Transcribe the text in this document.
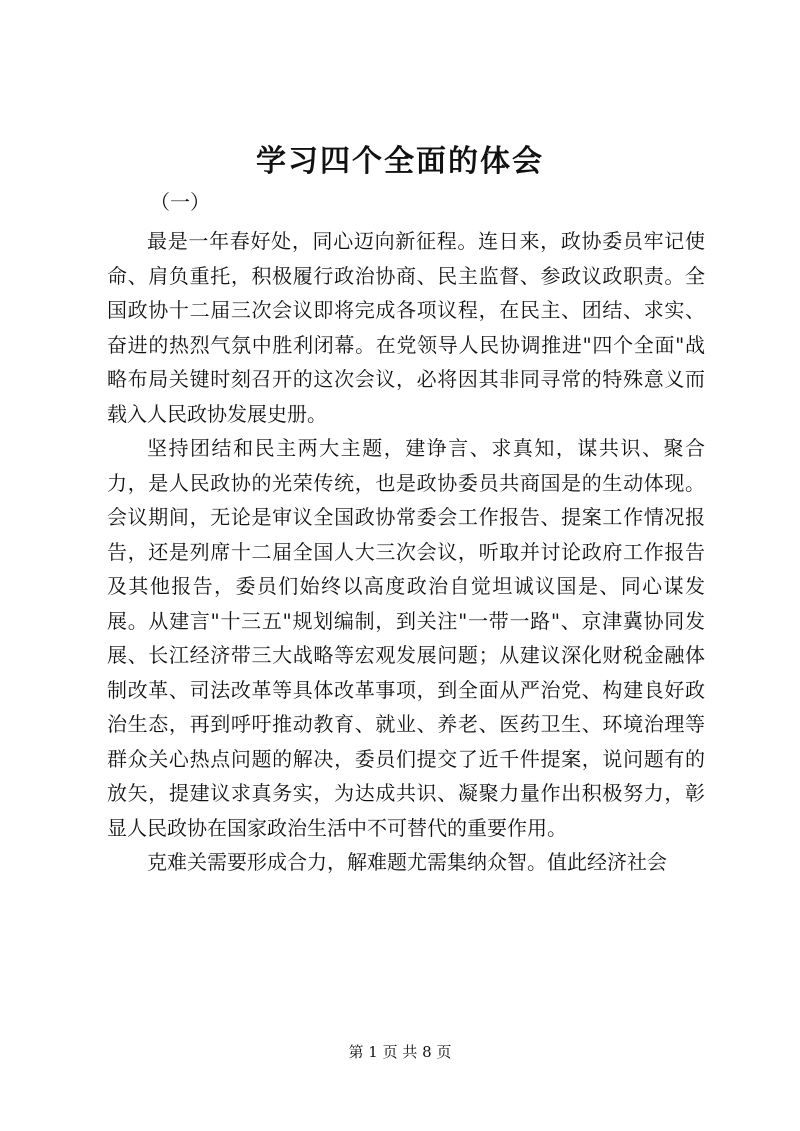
学习四个全面的体会
（一）

最是一年春好处，同心迈向新征程。连日来，政协委员牢记使命、肩负重托，积极履行政治协商、民主监督、参政议政职责。全国政协十二届三次会议即将完成各项议程，在民主、团结、求实、奋进的热烈气氛中胜利闭幕。在党领导人民协调推进"四个全面"战略布局关键时刻召开的这次会议，必将因其非同寻常的特殊意义而载入人民政协发展史册。

坚持团结和民主两大主题，建诤言、求真知，谋共识、聚合力，是人民政协的光荣传统，也是政协委员共商国是的生动体现。会议期间，无论是审议全国政协常委会工作报告、提案工作情况报告，还是列席十二届全国人大三次会议，听取并讨论政府工作报告及其他报告，委员们始终以高度政治自觉坦诚议国是、同心谋发展。从建言"十三五"规划编制，到关注"一带一路"、京津冀协同发展、长江经济带三大战略等宏观发展问题；从建议深化财税金融体制改革、司法改革等具体改革事项，到全面从严治党、构建良好政治生态，再到呼吁推动教育、就业、养老、医药卫生、环境治理等群众关心热点问题的解决，委员们提交了近千件提案，说问题有的放矢，提建议求真务实，为达成共识、凝聚力量作出积极努力，彰显人民政协在国家政治生活中不可替代的重要作用。

克难关需要形成合力，解难题尤需集纳众智。值此经济社会

第 1 页 共 8 页
